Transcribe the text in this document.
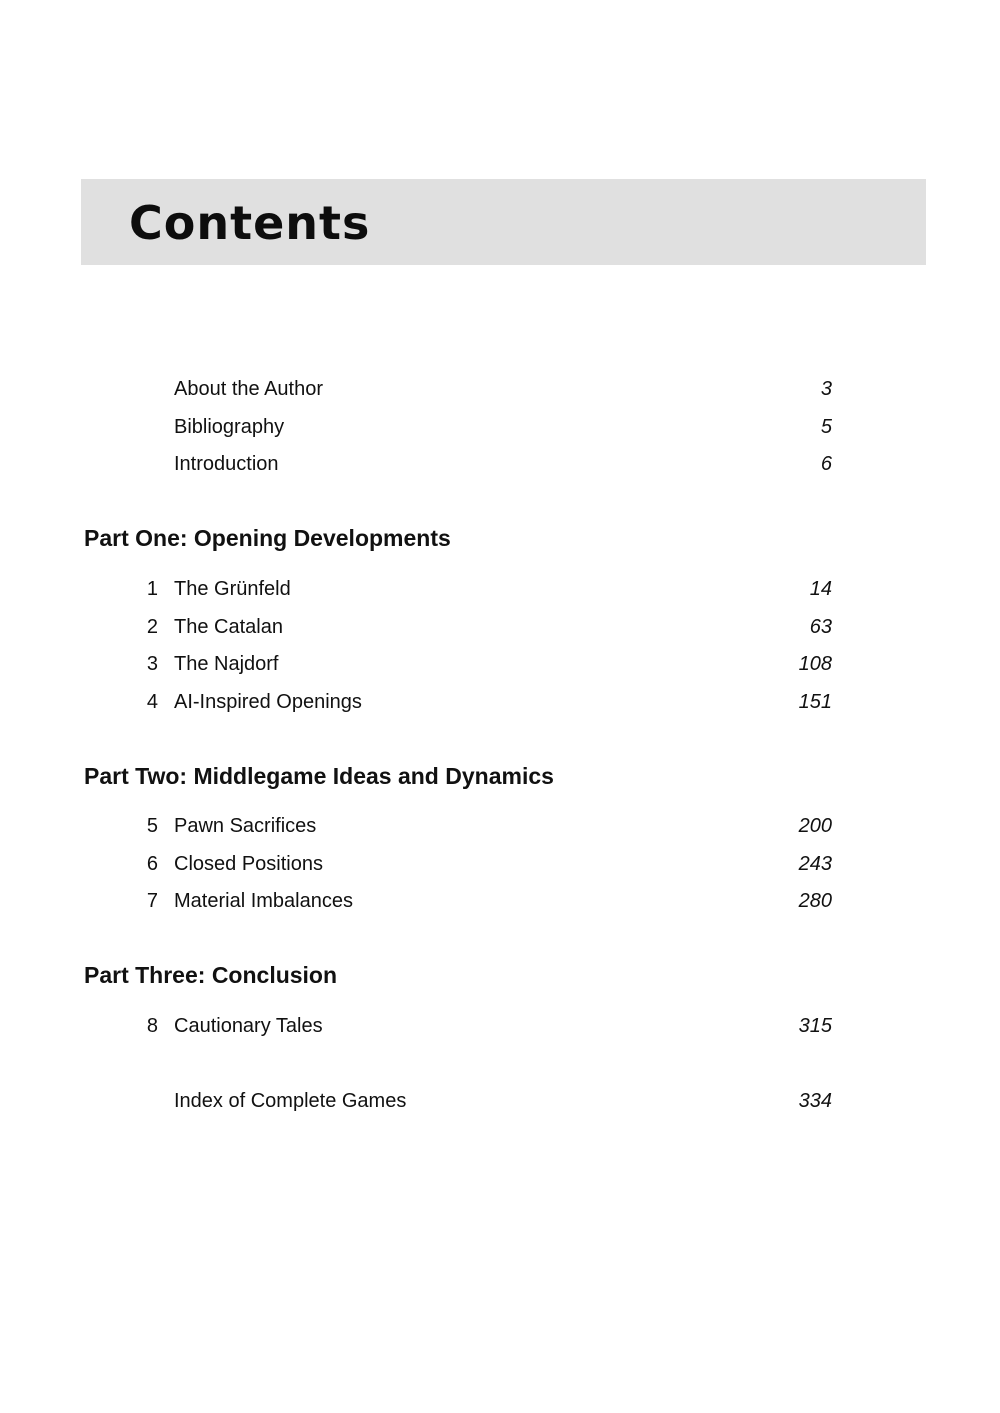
Contents
About the Author	3
Bibliography	5
Introduction	6
Part One: Opening Developments
1 The Grünfeld	14
2 The Catalan	63
3 The Najdorf	108
4 AI-Inspired Openings	151
Part Two: Middlegame Ideas and Dynamics
5 Pawn Sacrifices	200
6 Closed Positions	243
7 Material Imbalances	280
Part Three: Conclusion
8 Cautionary Tales	315
Index of Complete Games	334
